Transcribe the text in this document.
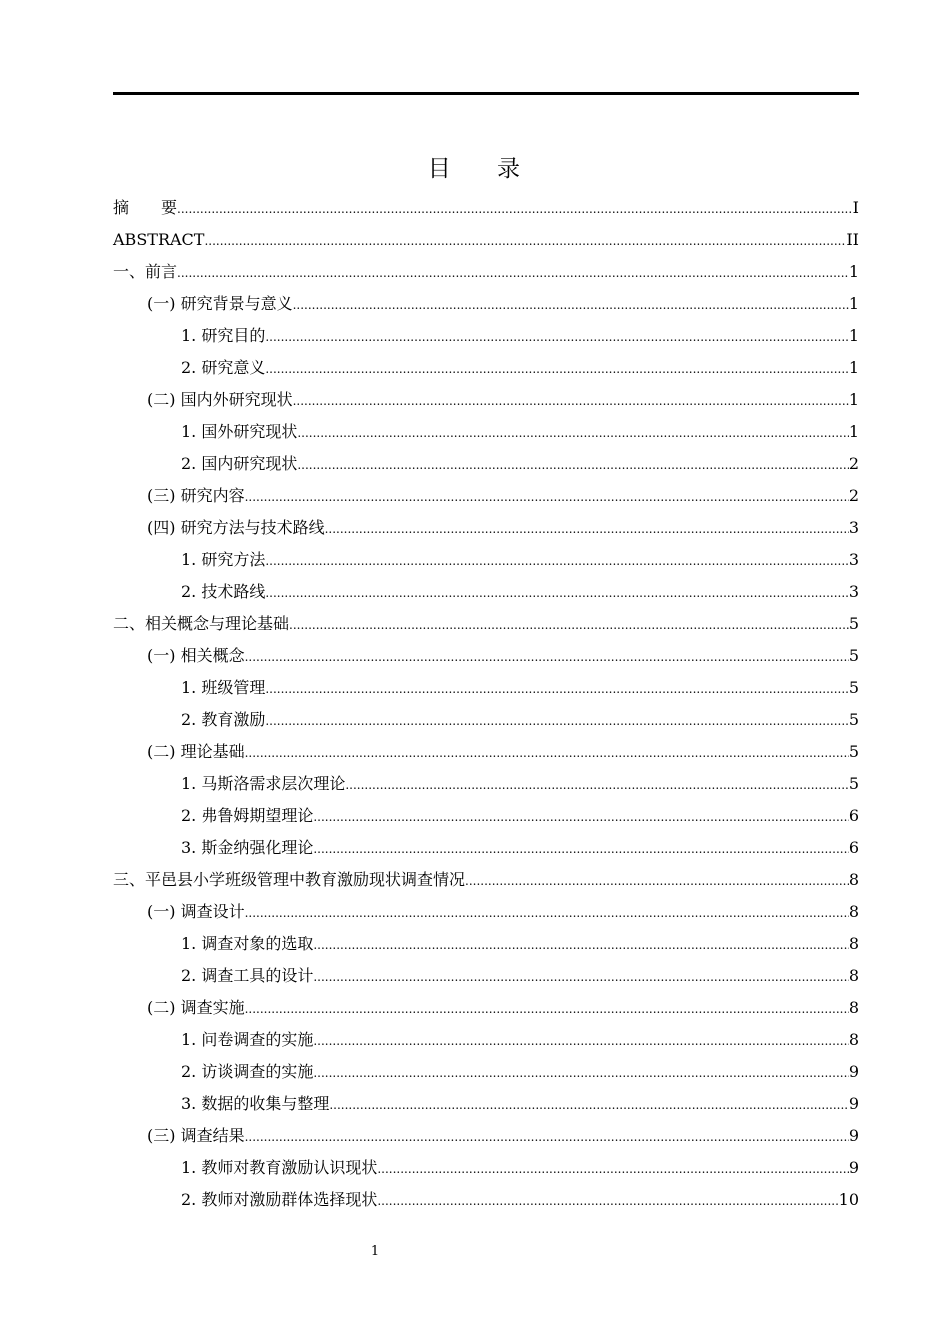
目 录
摘　　要 .....	I
ABSTRACT .....	II
一、前言 .....	1
(一) 研究背景与意义 .....	1
1. 研究目的 .....	1
2. 研究意义 .....	1
(二) 国内外研究现状 .....	1
1. 国外研究现状 .....	1
2. 国内研究现状 .....	2
(三) 研究内容 .....	2
(四) 研究方法与技术路线 .....	3
1. 研究方法 .....	3
2. 技术路线 .....	3
二、相关概念与理论基础 .....	5
(一) 相关概念 .....	5
1. 班级管理 .....	5
2. 教育激励 .....	5
(二) 理论基础 .....	5
1. 马斯洛需求层次理论 .....	5
2. 弗鲁姆期望理论 .....	6
3. 斯金纳强化理论 .....	6
三、平邑县小学班级管理中教育激励现状调查情况 .....	8
(一) 调查设计 .....	8
1. 调查对象的选取 .....	8
2. 调查工具的设计 .....	8
(二) 调查实施 .....	8
1. 问卷调查的实施 .....	8
2. 访谈调查的实施 .....	9
3. 数据的收集与整理 .....	9
(三) 调查结果 .....	9
1. 教师对教育激励认识现状 .....	9
2. 教师对激励群体选择现状 .....	10
1
